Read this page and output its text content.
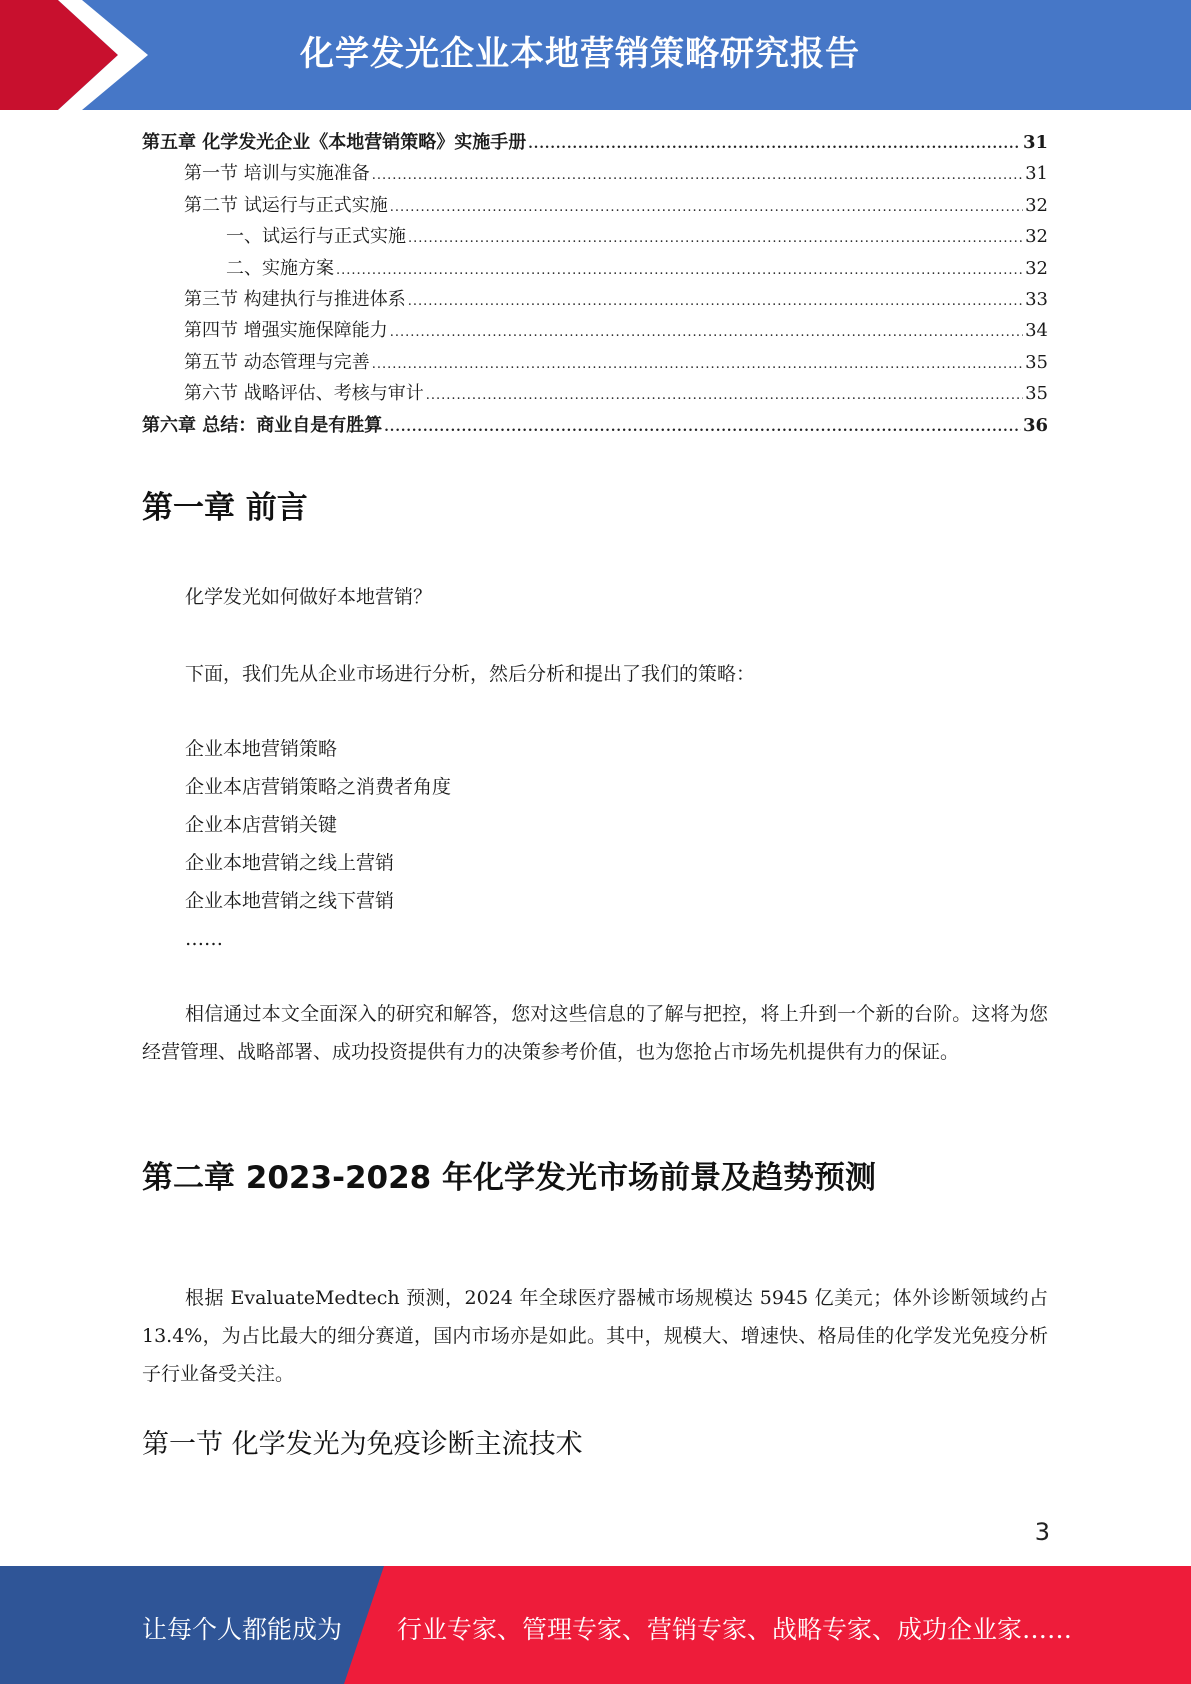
化学发光企业本地营销策略研究报告
第五章 化学发光企业《本地营销策略》实施手册 .....	31
第一节 培训与实施准备 .....	31
第二节 试运行与正式实施 .....	32
一、试运行与正式实施 .....	32
二、实施方案 .....	32
第三节 构建执行与推进体系 .....	33
第四节 增强实施保障能力 .....	34
第五节 动态管理与完善 .....	35
第六节 战略评估、考核与审计 .....	35
第六章 总结：商业自是有胜算 .....	36
第一章 前言
化学发光如何做好本地营销？
下面，我们先从企业市场进行分析，然后分析和提出了我们的策略：
企业本地营销策略
企业本店营销策略之消费者角度
企业本店营销关键
企业本地营销之线上营销
企业本地营销之线下营销
……
相信通过本文全面深入的研究和解答，您对这些信息的了解与把控，将上升到一个新的台阶。这将为您经营管理、战略部署、成功投资提供有力的决策参考价值，也为您抢占市场先机提供有力的保证。
第二章 2023-2028 年化学发光市场前景及趋势预测
根据 EvaluateMedtech 预测，2024 年全球医疗器械市场规模达 5945 亿美元；体外诊断领域约占 13.4%，为占比最大的细分赛道，国内市场亦是如此。其中，规模大、增速快、格局佳的化学发光免疫分析子行业备受关注。
第一节 化学发光为免疫诊断主流技术
3
让每个人都能成为 行业专家、管理专家、营销专家、战略专家、成功企业家……
